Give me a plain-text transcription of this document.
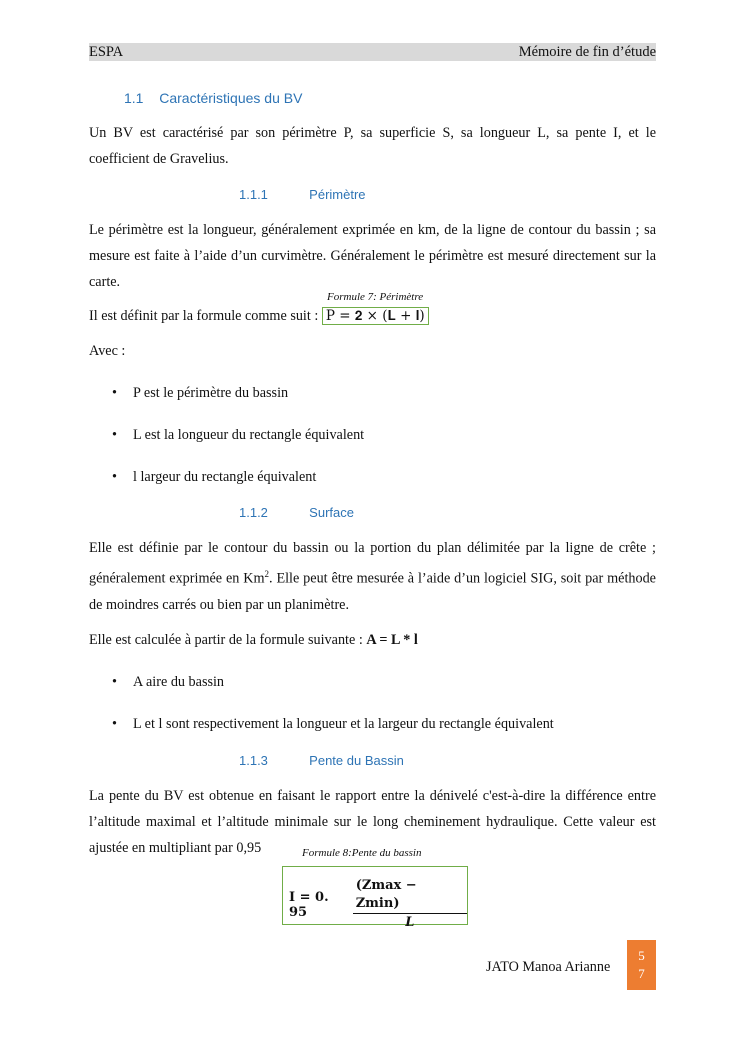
ESPA	Mémoire de fin d’étude
1.1 Caractéristiques du BV
Un BV est caractérisé par son périmètre P, sa superficie S, sa longueur L, sa pente I, et le coefficient de Gravelius.
1.1.1	Périmètre
Le périmètre est la longueur, généralement exprimée en km, de la ligne de contour du bassin ; sa mesure est faite à l’aide d’un curvimètre. Généralement le périmètre est mesuré directement sur la carte.
Formule 7: Périmètre
Il est définit par la formule comme suit : P = 𝟐 × (𝐋 + 𝐥)
Avec :
• P est le périmètre du bassin
• L est la longueur du rectangle équivalent
• l largeur du rectangle équivalent
1.1.2	Surface
Elle est définie par le contour du bassin ou la portion du plan délimitée par la ligne de crête ; généralement exprimée en Km$^2$. Elle peut être mesurée à l’aide d’un logiciel SIG, soit par méthode de moindres carrés ou bien par un planimètre.
Elle est calculée à partir de la formule suivante : A = L * l
• A aire du bassin
• L et l sont respectivement la longueur et la largeur du rectangle équivalent
1.1.3	Pente du Bassin
La pente du BV est obtenue en faisant le rapport entre la dénivelé c'est-à-dire la différence entre l’altitude maximal et l’altitude minimale sur le long cheminement hydraulique. Cette valeur est ajustée en multipliant par 0,95	Formule 8:Pente du bassin
𝐈 = 𝟎. 𝟗𝟓	$\frac{\text{(𝐙𝐦𝐚𝐱 − 𝐙𝐦𝐢𝐧)}}{\text{𝑳}}$
JATO Manoa Arianne
5
7
